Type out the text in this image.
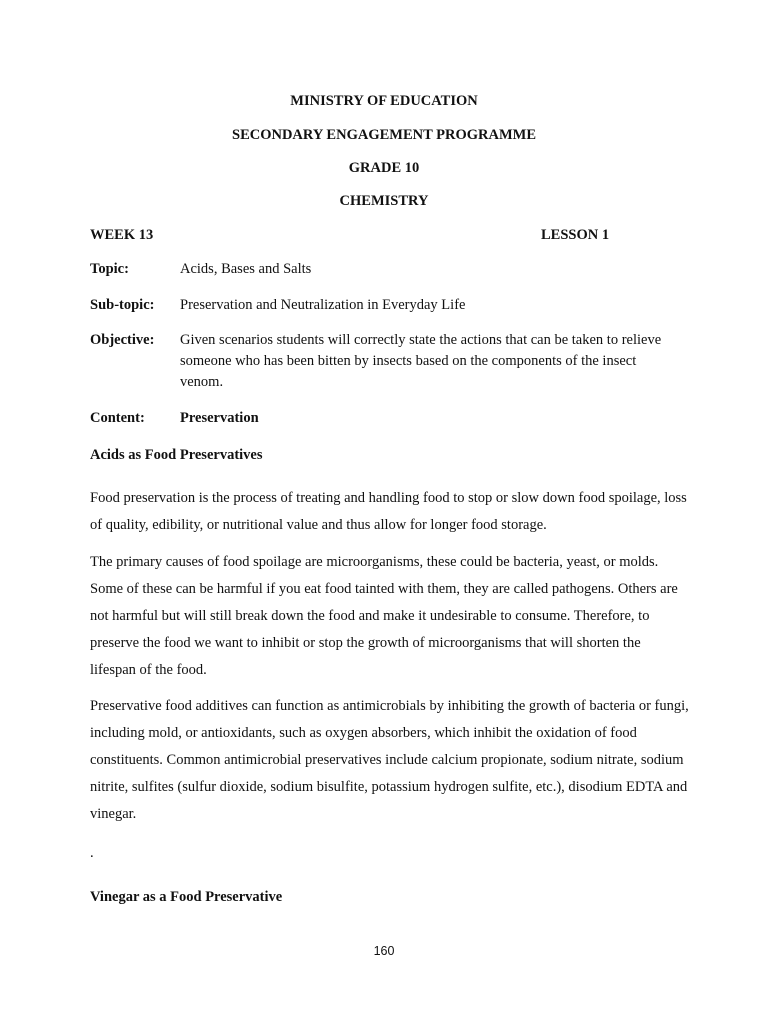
MINISTRY OF EDUCATION
SECONDARY ENGAGEMENT PROGRAMME
GRADE 10
CHEMISTRY
WEEK 13	LESSON 1
Topic:	Acids, Bases and Salts
Sub-topic: Preservation and Neutralization in Everyday Life
Objective: Given scenarios students will correctly state the actions that can be taken to relieve someone who has been bitten by insects based on the components of the insect venom.
Content: Preservation
Acids as Food Preservatives
Food preservation is the process of treating and handling food to stop or slow down food spoilage, loss of quality, edibility, or nutritional value and thus allow for longer food storage.
The primary causes of food spoilage are microorganisms, these could be bacteria, yeast, or molds. Some of these can be harmful if you eat food tainted with them, they are called pathogens. Others are not harmful but will still break down the food and make it undesirable to consume. Therefore, to preserve the food we want to inhibit or stop the growth of microorganisms that will shorten the lifespan of the food.
Preservative food additives can function as antimicrobials by inhibiting the growth of bacteria or fungi, including mold, or antioxidants, such as oxygen absorbers, which inhibit the oxidation of food constituents. Common antimicrobial preservatives include calcium propionate, sodium nitrate, sodium nitrite, sulfites (sulfur dioxide, sodium bisulfite, potassium hydrogen sulfite, etc.), disodium EDTA and vinegar.
.
Vinegar as a Food Preservative
160
